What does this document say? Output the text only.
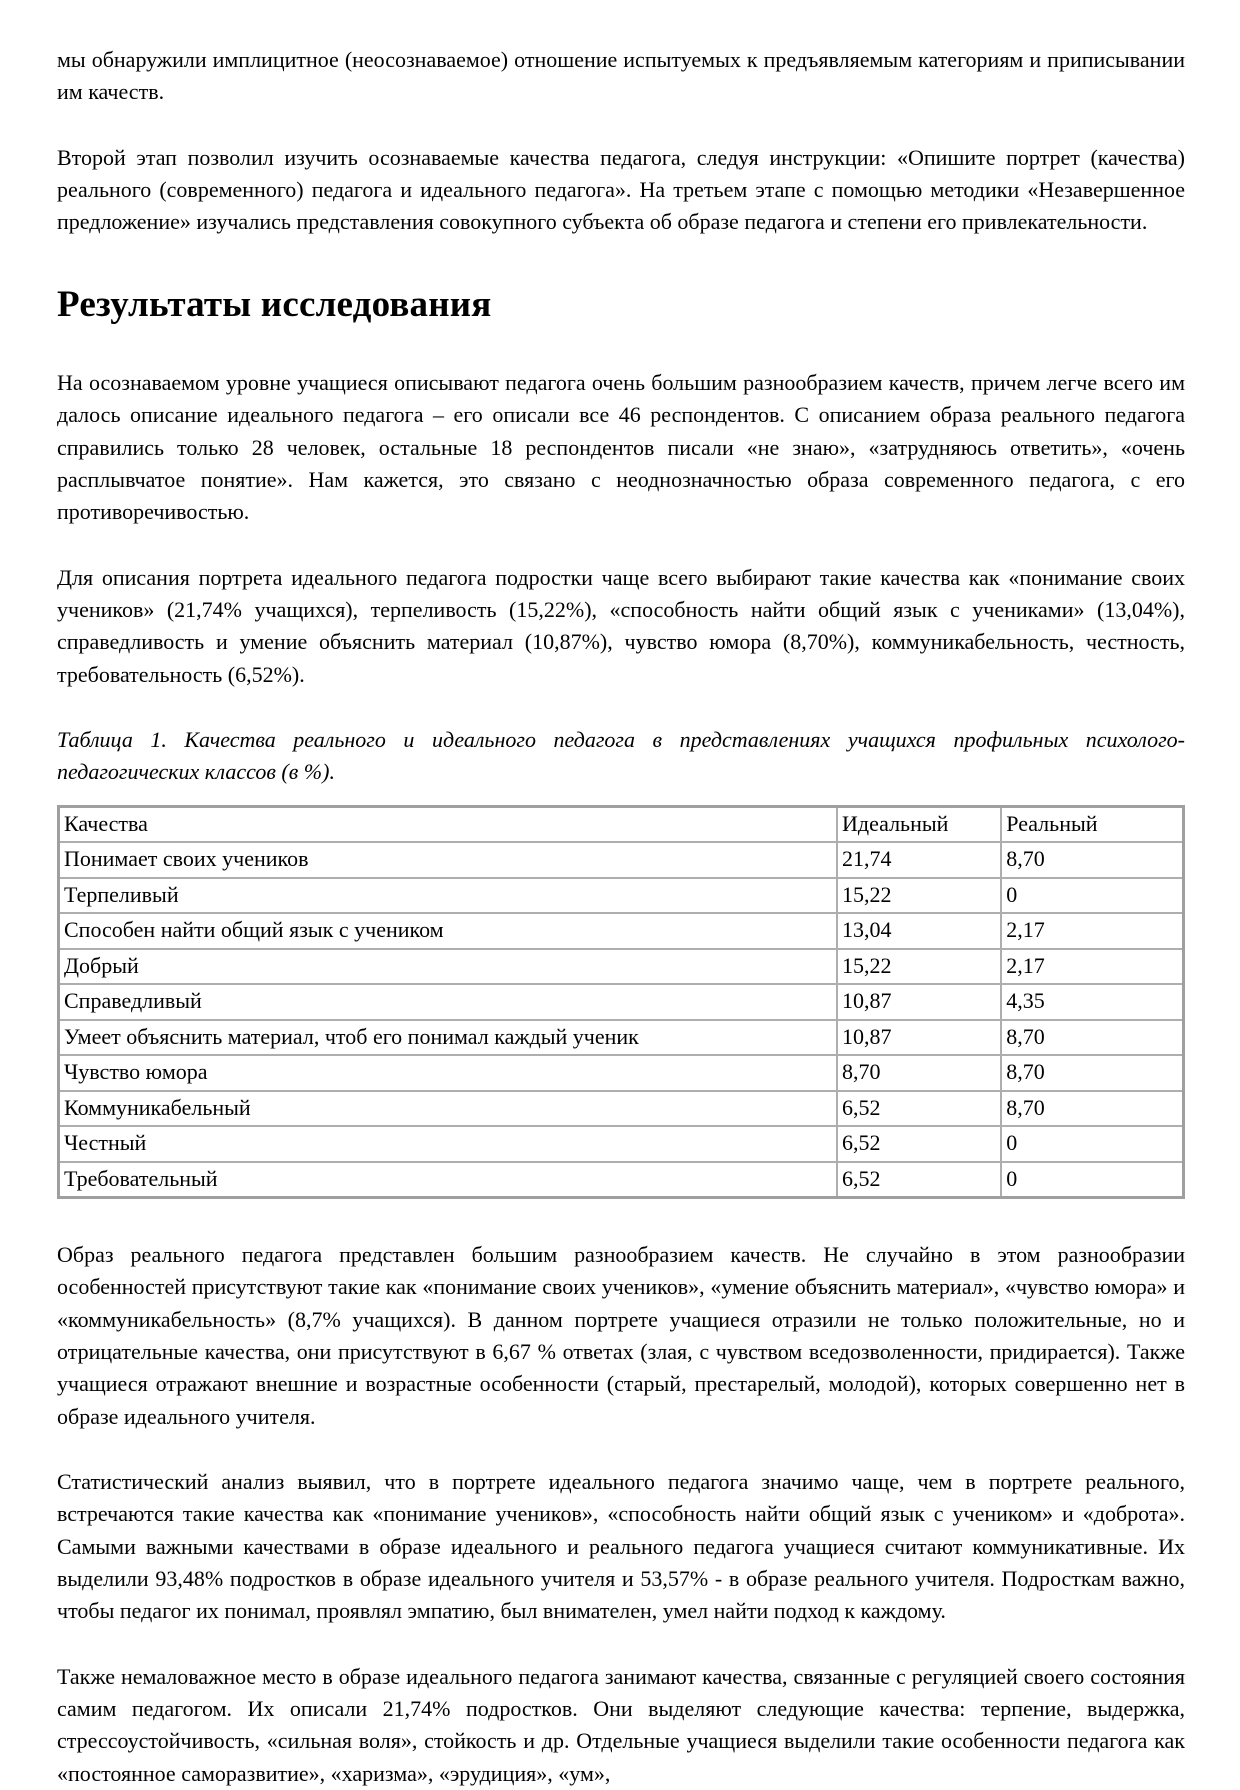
мы обнаружили имплицитное (неосознаваемое) отношение испытуемых к предъявляемым категориям и приписывании им качеств.

Второй этап позволил изучить осознаваемые качества педагога, следуя инструкции: «Опишите портрет (качества) реального (современного) педагога и идеального педагога». На третьем этапе с помощью методики «Незавершенное предложение» изучались представления совокупного субъекта об образе педагога и степени его привлекательности.

Результаты исследования

На осознаваемом уровне учащиеся описывают педагога очень большим разнообразием качеств, причем легче всего им далось описание идеального педагога – его описали все 46 респондентов. С описанием образа реального педагога справились только 28 человек, остальные 18 респондентов писали «не знаю», «затрудняюсь ответить», «очень расплывчатое понятие». Нам кажется, это связано с неоднозначностью образа современного педагога, с его противоречивостью.

Для описания портрета идеального педагога подростки чаще всего выбирают такие качества как «понимание своих учеников» (21,74% учащихся), терпеливость (15,22%), «способность найти общий язык с учениками» (13,04%), справедливость и умение объяснить материал (10,87%), чувство юмора (8,70%), коммуникабельность, честность, требовательность (6,52%).

Таблица 1. Качества реального и идеального педагога в представлениях учащихся профильных психолого-педагогических классов (в %).

Качества	Идеальный	Реальный
Понимает своих учеников	21,74	8,70
Терпеливый	15,22	0
Способен найти общий язык с учеником	13,04	2,17
Добрый	15,22	2,17
Справедливый	10,87	4,35
Умеет объяснить материал, чтоб его понимал каждый ученик	10,87	8,70
Чувство юмора	8,70	8,70
Коммуникабельный	6,52	8,70
Честный	6,52	0
Требовательный	6,52	0

Образ реального педагога представлен большим разнообразием качеств. Не случайно в этом разнообразии особенностей присутствуют такие как «понимание своих учеников», «умение объяснить материал», «чувство юмора» и «коммуникабельность» (8,7% учащихся). В данном портрете учащиеся отразили не только положительные, но и отрицательные качества, они присутствуют в 6,67 % ответах (злая, с чувством вседозволенности, придирается). Также учащиеся отражают внешние и возрастные особенности (старый, престарелый, молодой), которых совершенно нет в образе идеального учителя.

Статистический анализ выявил, что в портрете идеального педагога значимо чаще, чем в портрете реального, встречаются такие качества как «понимание учеников», «способность найти общий язык с учеником» и «доброта». Самыми важными качествами в образе идеального и реального педагога учащиеся считают коммуникативные. Их выделили 93,48% подростков в образе идеального учителя и 53,57% - в образе реального учителя. Подросткам важно, чтобы педагог их понимал, проявлял эмпатию, был внимателен, умел найти подход к каждому.

Также немаловажное место в образе идеального педагога занимают качества, связанные с регуляцией своего состояния самим педагогом. Их описали 21,74% подростков. Они выделяют следующие качества: терпение, выдержка, стрессоустойчивость, «сильная воля», стойкость и др. Отдельные учащиеся выделили такие особенности педагога как «постоянное саморазвитие», «харизма», «эрудиция», «ум»,
